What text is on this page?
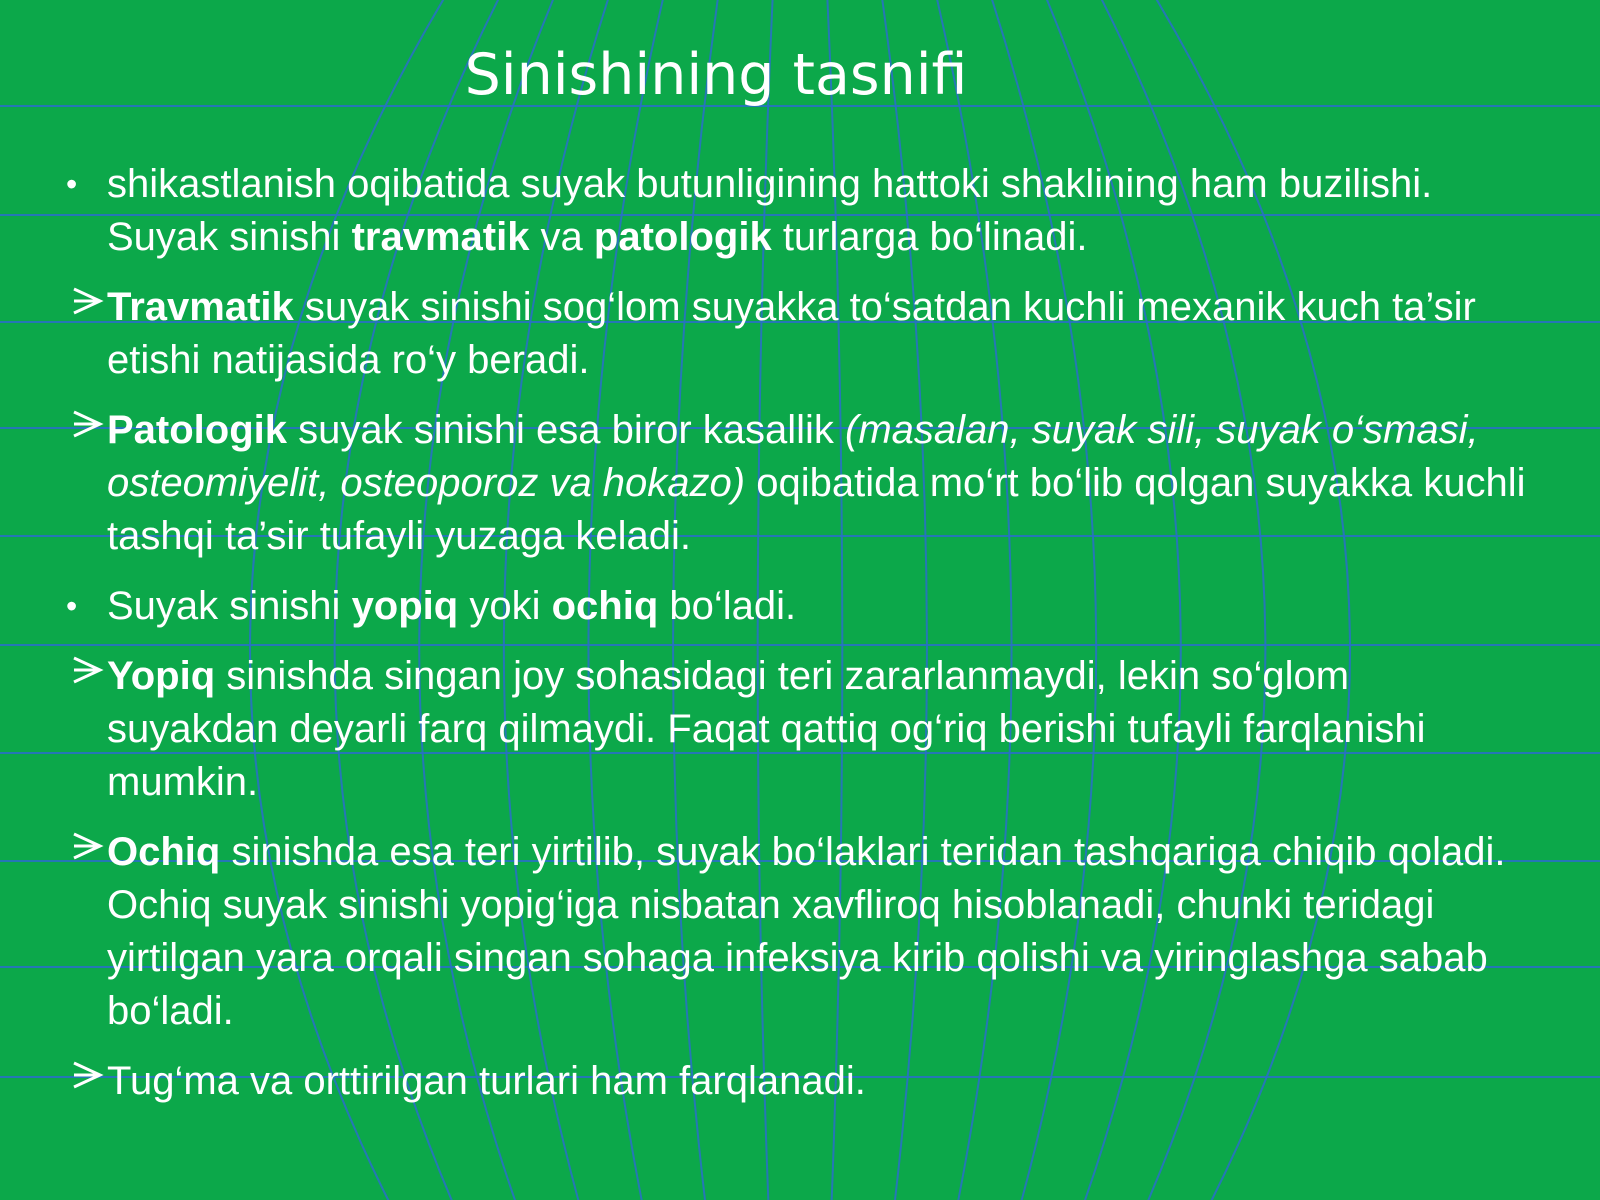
Sinishining tasnifi
• shikastlanish oqibatida suyak butunligining hattoki shaklining ham buzilishi. Suyak sinishi travmatik va patologik turlarga bo‘linadi.
Travmatik suyak sinishi sog‘lom suyakka to‘satdan kuchli mexanik kuch ta’sir etishi natijasida ro‘y beradi.
Patologik suyak sinishi esa biror kasallik (masalan, suyak sili, suyak o‘smasi, osteomiyelit, osteoporoz va hokazo) oqibatida mo‘rt bo‘lib qolgan suyakka kuchli tashqi ta’sir tufayli yuzaga keladi.
• Suyak sinishi yopiq yoki ochiq bo‘ladi.
Yopiq sinishda singan joy sohasidagi teri zararlanmaydi, lekin so‘glom suyakdan deyarli farq qilmaydi. Faqat qattiq og‘riq berishi tufayli farqlanishi mumkin.
Ochiq sinishda esa teri yirtilib, suyak bo‘laklari teridan tashqariga chiqib qoladi. Ochiq suyak sinishi yopig‘iga nisbatan xavfliroq hisoblanadi, chunki teridagi yirtilgan yara orqali singan sohaga infeksiya kirib qolishi va yiringlashga sabab bo‘ladi.
Tug‘ma va orttirilgan turlari ham farqlanadi.
